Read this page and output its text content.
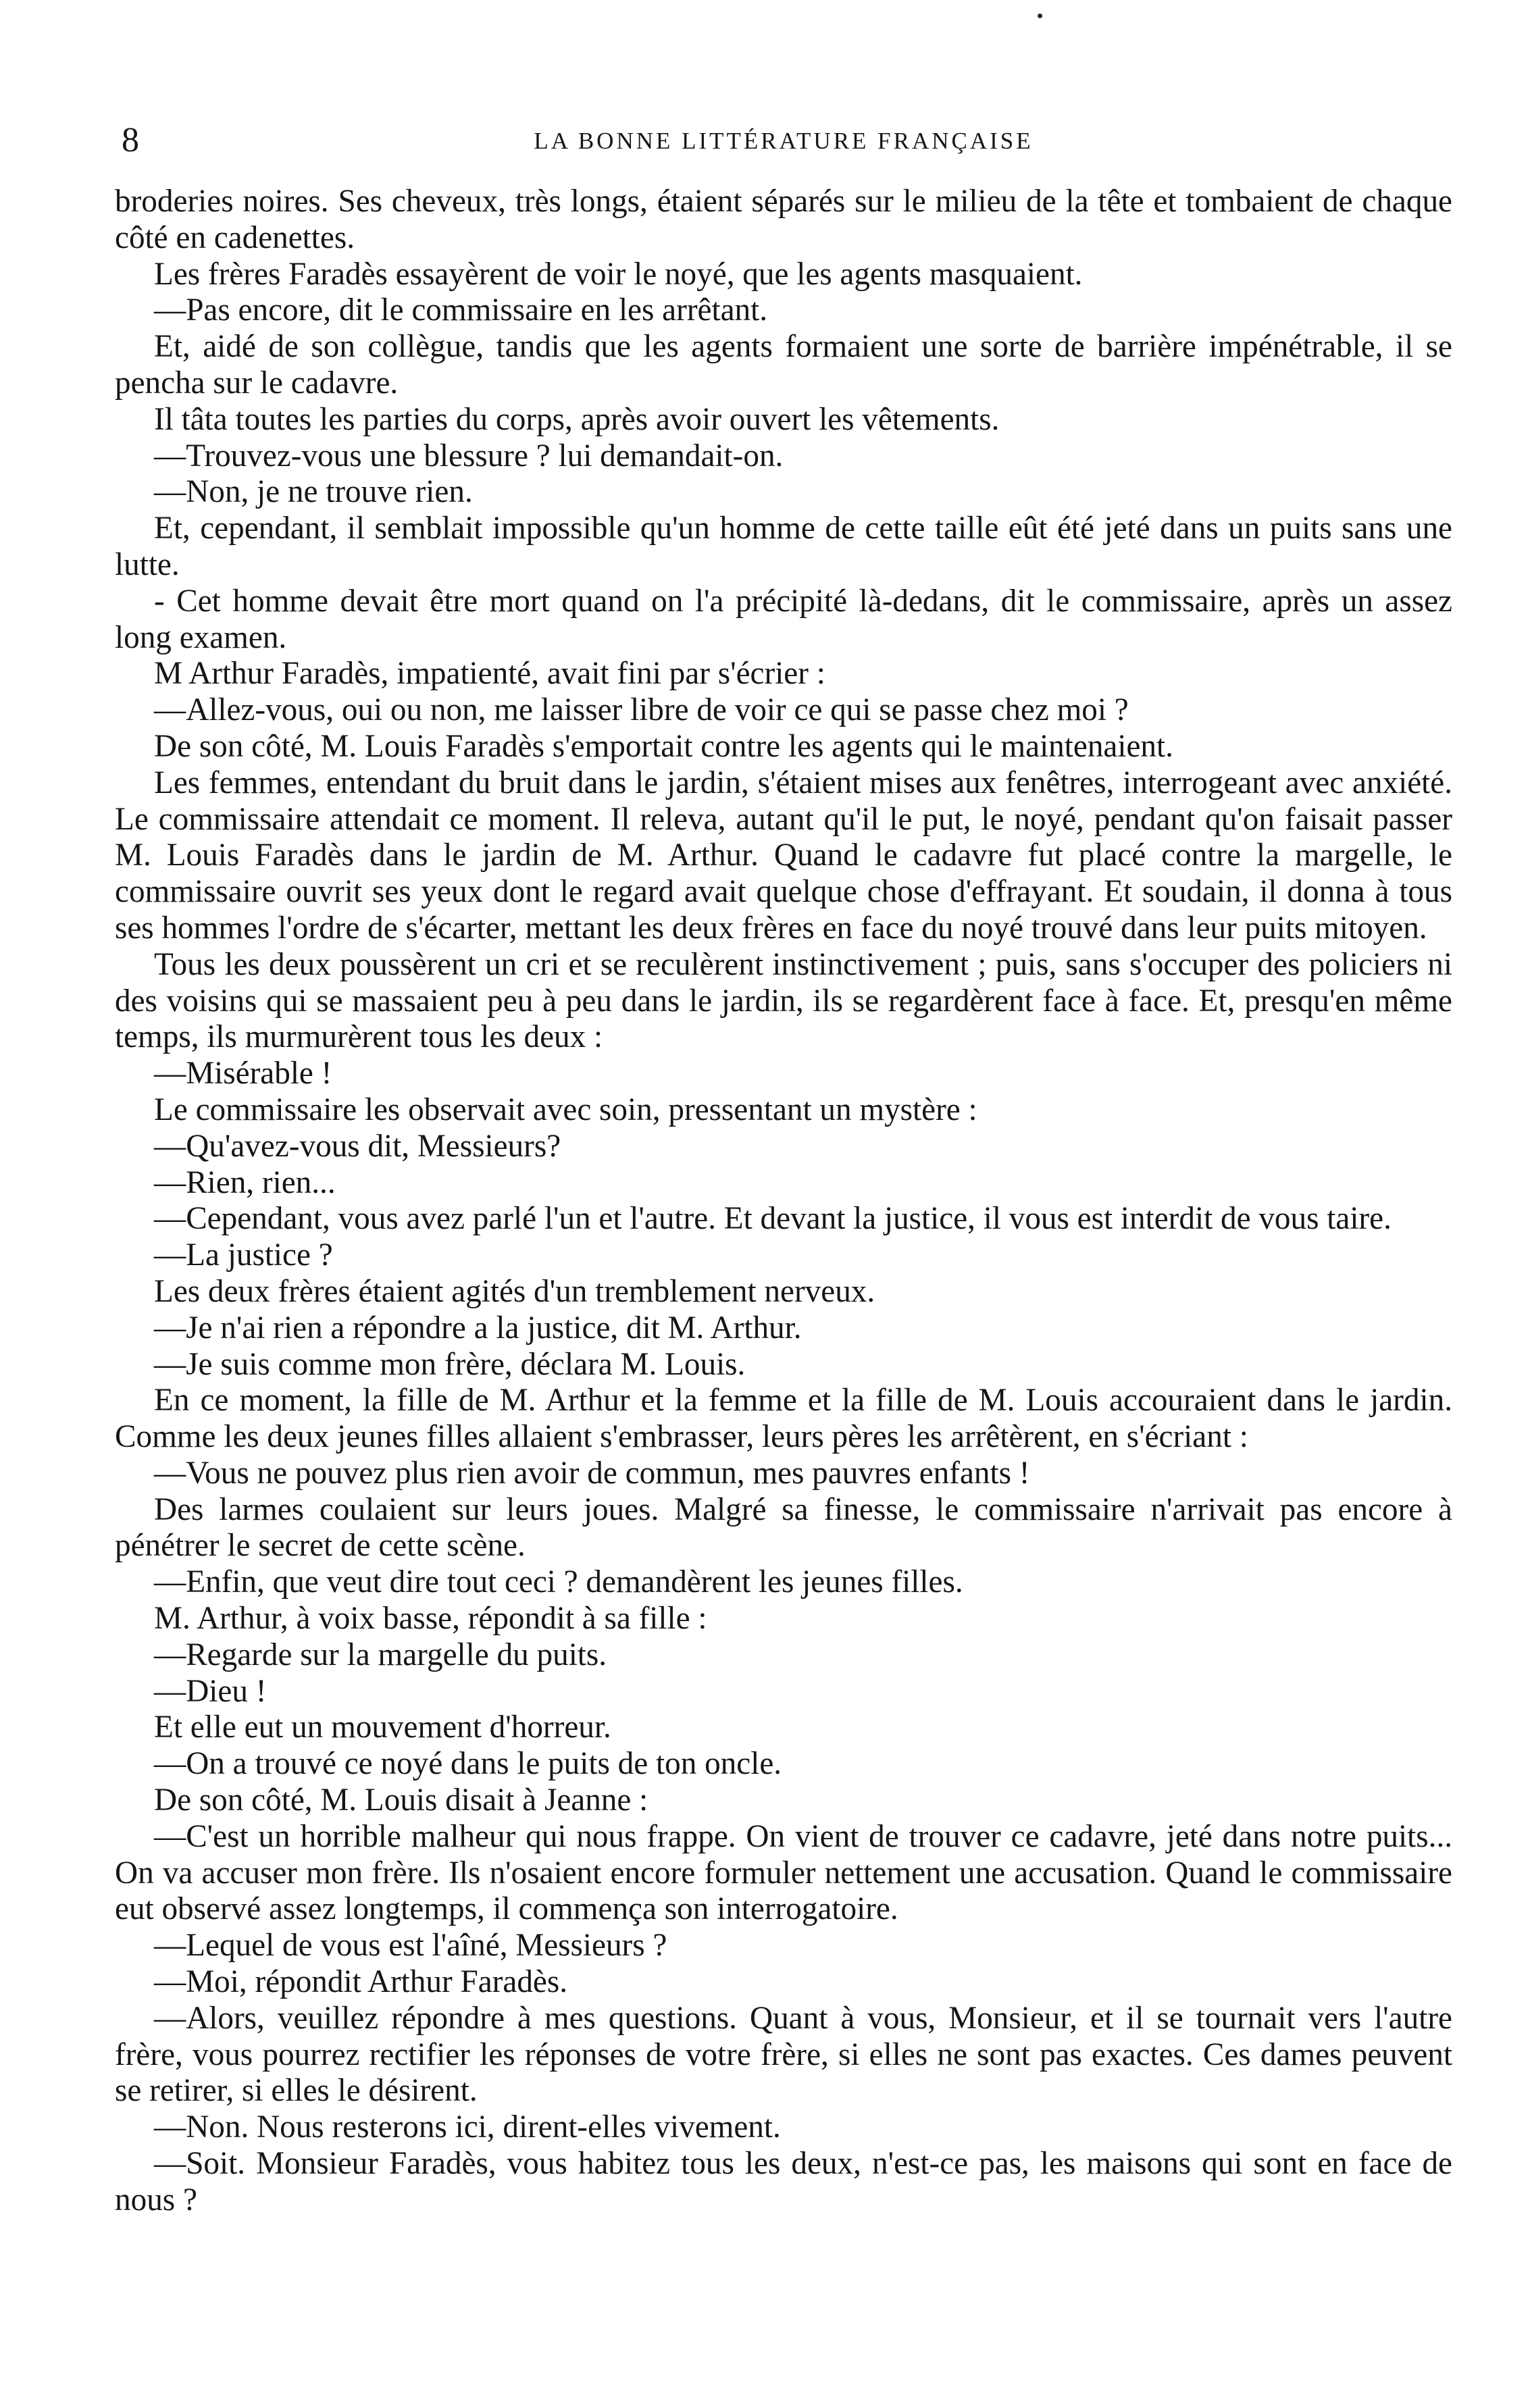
8	LA BONNE LITTÉRATURE FRANÇAISE

broderies noires. Ses cheveux, très longs, étaient séparés sur le milieu de la tête et tombaient de chaque côté en cadenettes.

Les frères Faradès essayèrent de voir le noyé, que les agents masquaient.

—Pas encore, dit le commissaire en les arrêtant.

Et, aidé de son collègue, tandis que les agents formaient une sorte de barrière impénétrable, il se pencha sur le cadavre.

Il tâta toutes les parties du corps, après avoir ouvert les vêtements.

—Trouvez-vous une blessure ? lui demandait-on.

—Non, je ne trouve rien.

Et, cependant, il semblait impossible qu'un homme de cette taille eût été jeté dans un puits sans une lutte.

- Cet homme devait être mort quand on l'a précipité là-dedans, dit le commissaire, après un assez long examen.

M Arthur Faradès, impatienté, avait fini par s'écrier :

—Allez-vous, oui ou non, me laisser libre de voir ce qui se passe chez moi ?

De son côté, M. Louis Faradès s'emportait contre les agents qui le maintenaient.

Les femmes, entendant du bruit dans le jardin, s'étaient mises aux fenêtres, interrogeant avec anxiété. Le commissaire attendait ce moment. Il releva, autant qu'il le put, le noyé, pendant qu'on faisait passer M. Louis Faradès dans le jardin de M. Arthur. Quand le cadavre fut placé contre la margelle, le commissaire ouvrit ses yeux dont le regard avait quelque chose d'effrayant. Et soudain, il donna à tous ses hommes l'ordre de s'écarter, mettant les deux frères en face du noyé trouvé dans leur puits mitoyen.

Tous les deux poussèrent un cri et se reculèrent instinctivement ; puis, sans s'occuper des policiers ni des voisins qui se massaient peu à peu dans le jardin, ils se regardèrent face à face. Et, presqu'en même temps, ils murmurèrent tous les deux :

—Misérable !

Le commissaire les observait avec soin, pressentant un mystère :

—Qu'avez-vous dit, Messieurs?

—Rien, rien...

—Cependant, vous avez parlé l'un et l'autre. Et devant la justice, il vous est interdit de vous taire.

—La justice ?

Les deux frères étaient agités d'un tremblement nerveux.

—Je n'ai rien a répondre a la justice, dit M. Arthur.

—Je suis comme mon frère, déclara M. Louis.

En ce moment, la fille de M. Arthur et la femme et la fille de M. Louis accouraient dans le jardin. Comme les deux jeunes filles allaient s'embrasser, leurs pères les arrêtèrent, en s'écriant :

—Vous ne pouvez plus rien avoir de commun, mes pauvres enfants !

Des larmes coulaient sur leurs joues. Malgré sa finesse, le commissaire n'arrivait pas encore à pénétrer le secret de cette scène.

—Enfin, que veut dire tout ceci ? demandèrent les jeunes filles.

M. Arthur, à voix basse, répondit à sa fille :

—Regarde sur la margelle du puits.

—Dieu !

Et elle eut un mouvement d'horreur.

—On a trouvé ce noyé dans le puits de ton oncle.

De son côté, M. Louis disait à Jeanne :

—C'est un horrible malheur qui nous frappe. On vient de trouver ce cadavre, jeté dans notre puits... On va accuser mon frère. Ils n'osaient encore formuler nettement une accusation. Quand le commissaire eut observé assez longtemps, il commença son interrogatoire.

—Lequel de vous est l'aîné, Messieurs ?

—Moi, répondit Arthur Faradès.

—Alors, veuillez répondre à mes questions. Quant à vous, Monsieur, et il se tournait vers l'autre frère, vous pourrez rectifier les réponses de votre frère, si elles ne sont pas exactes. Ces dames peuvent se retirer, si elles le désirent.

—Non. Nous resterons ici, dirent-elles vivement.

—Soit. Monsieur Faradès, vous habitez tous les deux, n'est-ce pas, les maisons qui sont en face de nous ?
